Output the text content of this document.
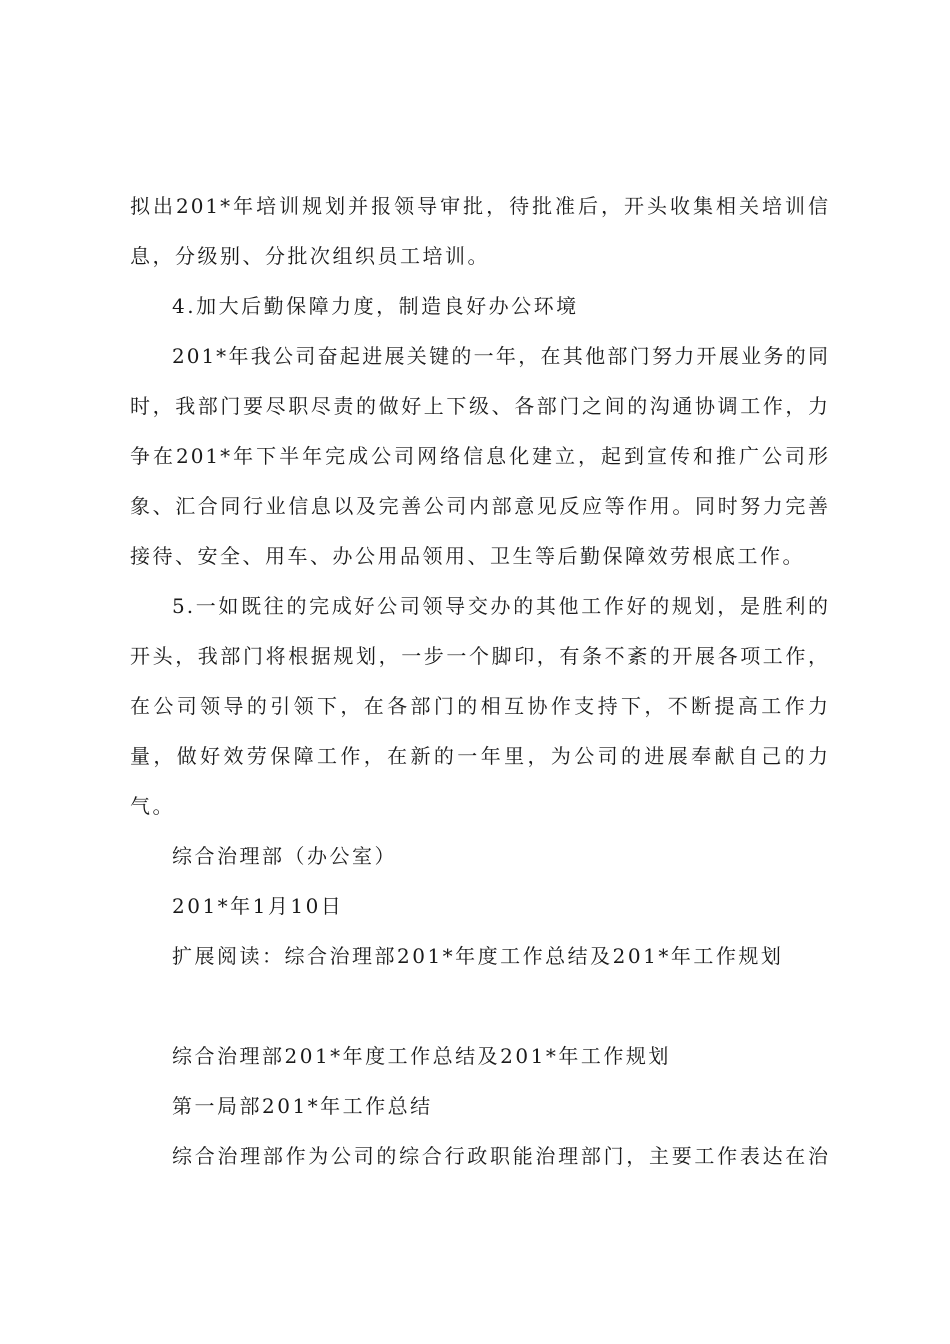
拟出201*年培训规划并报领导审批，待批准后，开头收集相关培训信
息，分级别、分批次组织员工培训。
4.加大后勤保障力度，制造良好办公环境
201*年我公司奋起进展关键的一年，在其他部门努力开展业务的同
时，我部门要尽职尽责的做好上下级、各部门之间的沟通协调工作，力
争在201*年下半年完成公司网络信息化建立，起到宣传和推广公司形
象、汇合同行业信息以及完善公司内部意见反应等作用。同时努力完善
接待、安全、用车、办公用品领用、卫生等后勤保障效劳根底工作。
5.一如既往的完成好公司领导交办的其他工作好的规划，是胜利的
开头，我部门将根据规划，一步一个脚印，有条不紊的开展各项工作，
在公司领导的引领下，在各部门的相互协作支持下，不断提高工作力
量，做好效劳保障工作，在新的一年里，为公司的进展奉献自己的力
气。
综合治理部（办公室）
201*年1月10日
扩展阅读：综合治理部201*年度工作总结及201*年工作规划
综合治理部201*年度工作总结及201*年工作规划
第一局部201*年工作总结
综合治理部作为公司的综合行政职能治理部门，主要工作表达在治
